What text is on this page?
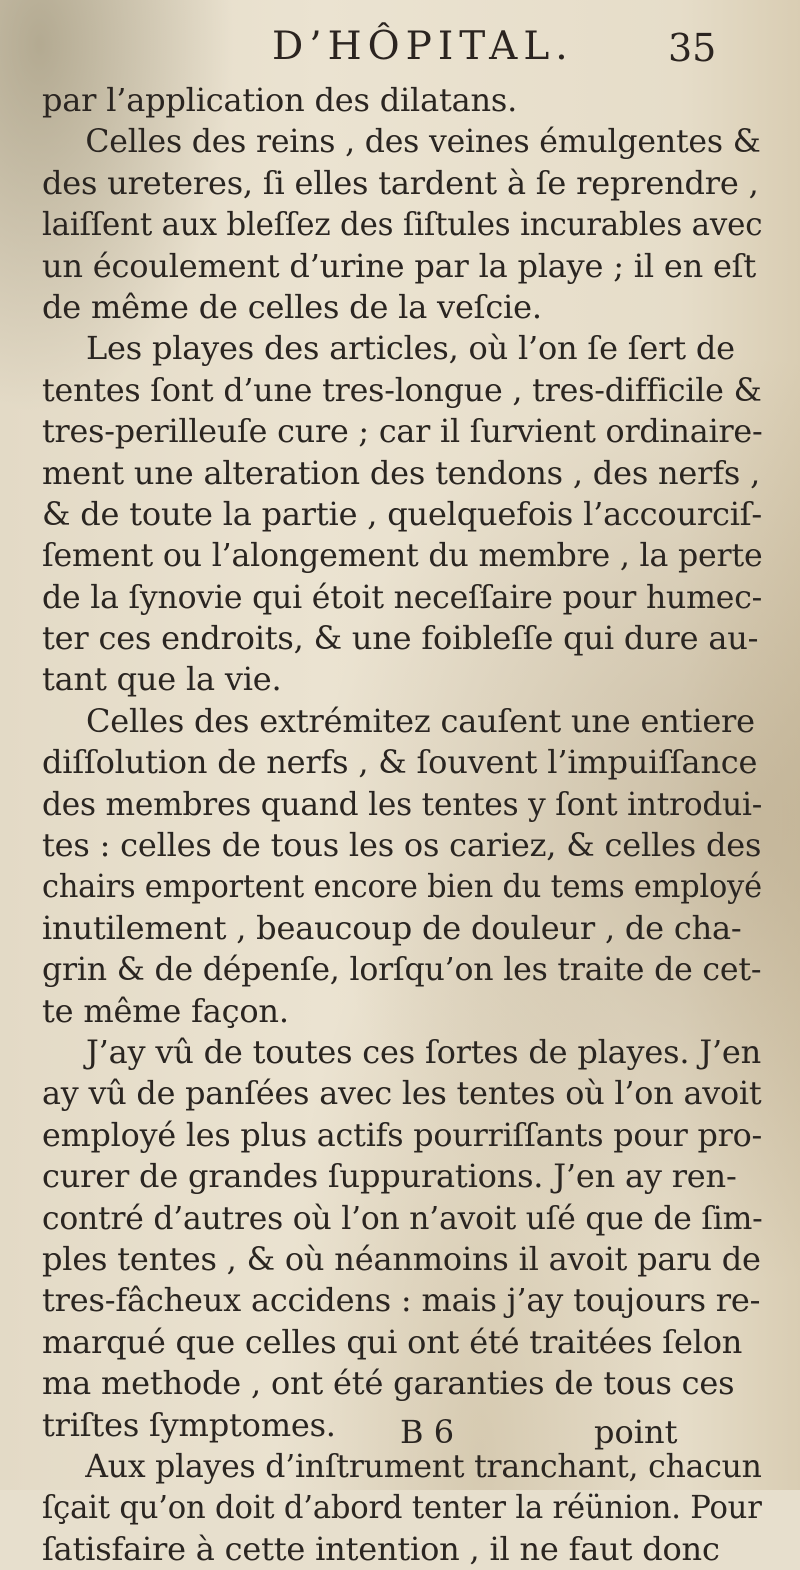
D’HÔPITAL. 35
par l’application des dilatans.
Celles des reins , des veines émulgentes &
des ureteres, ſi elles tardent à ſe reprendre ,
laiſſent aux bleſſez des ſiſtules incurables avec
un écoulement d’urine par la playe ; il en eſt
de même de celles de la veſcie.
Les playes des articles, où l’on ſe ſert de
tentes ſont d’une tres-longue , tres-difficile &
tres-perilleuſe cure ; car il ſurvient ordinaire-
ment une alteration des tendons , des nerfs ,
& de toute la partie , quelquefois l’accourciſ-
ſement ou l’alongement du membre , la perte
de la ſynovie qui étoit neceſſaire pour humec-
ter ces endroits, & une foibleſſe qui dure au-
tant que la vie.
Celles des extrémitez cauſent une entiere
diſſolution de nerfs , & ſouvent l’impuiſſance
des membres quand les tentes y ſont introdui-
tes : celles de tous les os cariez, & celles des
chairs emportent encore bien du tems employé
inutilement , beaucoup de douleur , de cha-
grin & de dépenſe, lorſqu’on les traite de cet-
te même façon.
J’ay vû de toutes ces ſortes de playes. J’en
ay vû de panſées avec les tentes où l’on avoit
employé les plus actifs pourriſſants pour pro-
curer de grandes ſuppurations. J’en ay ren-
contré d’autres où l’on n’avoit uſé que de ſim-
ples tentes , & où néanmoins il avoit paru de
tres-fâcheux accidens : mais j’ay toujours re-
marqué que celles qui ont été traitées ſelon
ma methode , ont été garanties de tous ces
triſtes ſymptomes.
Aux playes d’inſtrument tranchant, chacun
ſçait qu’on doit d’abord tenter la réünion. Pour
ſatisfaire à cette intention , il ne faut donc
B 6	point
